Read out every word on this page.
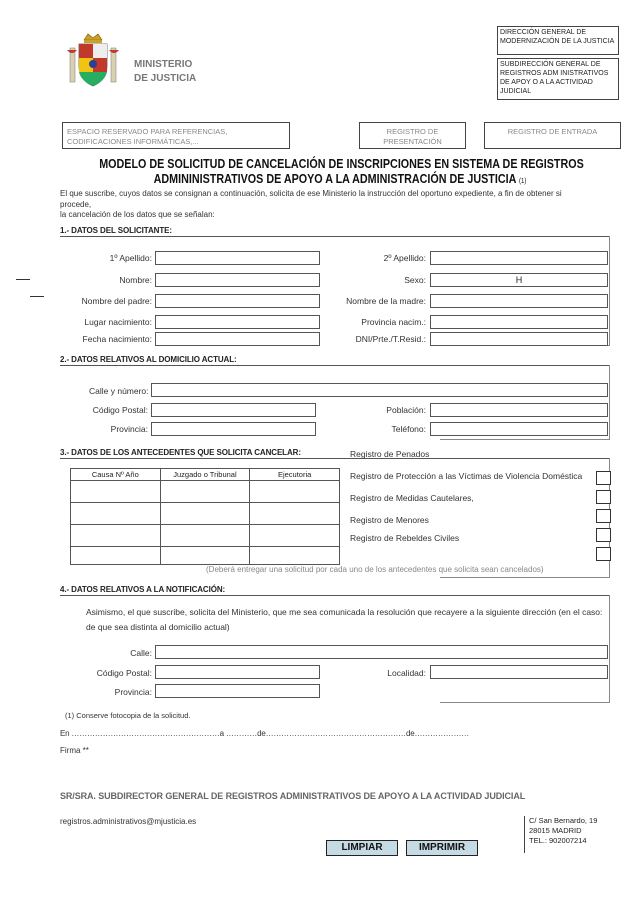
MINISTERIO
DE JUSTICIA
DIRECCIÓN GENERAL DE MODERNIZACIÓN DE LA JUSTICIA
SUBDIRECCIÓN GENERAL DE REGISTROS ADM INISTRATIVOS DE APOY O A LA ACTIVIDAD JUDICIAL
ESPACIO RESERVADO PARA REFERENCIAS, CODIFICACIONES INFORMÁTICAS,...
REGISTRO DE PRESENTACIÓN
REGISTRO DE ENTRADA
MODELO DE SOLICITUD DE CANCELACIÓN DE INSCRIPCIONES EN SISTEMA DE REGISTROS
ADMININISTRATIVOS DE APOYO A LA ADMINISTRACIÓN DE JUSTICIA (1)
El que suscribe, cuyos datos se consignan a continuación, solicita de ese Ministerio la instrucción del oportuno expediente, a fin de obtener si
procede,
la cancelación de los datos que se señalan:
1.- DATOS DEL SOLICITANTE:
1º Apellido:	2º Apellido:
Nombre:	Sexo:	H
Nombre del padre:	Nombre de la madre:
Lugar nacimiento:	Provincia nacim.:
Fecha nacimiento:	DNI/Prte./T.Resid.:
2.- DATOS RELATIVOS AL DOMICILIO ACTUAL:
Calle y número:
Código Postal:	Población:
Provincia:	Teléfono:
3.- DATOS DE LOS ANTECEDENTES QUE SOLICITA CANCELAR:
Causa Nº Año	Juzgado o Tribunal	Ejecutoria

Registro de Penados
Registro de Protección a las Víctimas de Violencia Doméstica
Registro de Medidas Cautelares,
Registro de Menores
Registro de Rebeldes Civiles
(Deberá entregar una solicitud por cada uno de los antecedentes que solicita sean cancelados)
4.- DATOS RELATIVOS A LA NOTIFICACIÓN:
Asimismo, el que suscribe, solicita del Ministerio, que me sea comunicada la resolución que recayere a la siguiente dirección (en el caso:
de que sea distinta al domicilio actual)
Calle:
Código Postal:	Localidad:
Provincia:
(1) Conserve fotocopia de la solicitud.
En …………………………………………………a …………de………………………………………………de…………………
Firma **
SR/SRA. SUBDIRECTOR GENERAL DE REGISTROS ADMINISTRATIVOS DE APOYO A LA ACTIVIDAD JUDICIAL
registros.administrativos@mjusticia.es	C/ San Bernardo, 19
28015 MADRID
TEL.: 902007214
LIMPIAR	IMPRIMIR
